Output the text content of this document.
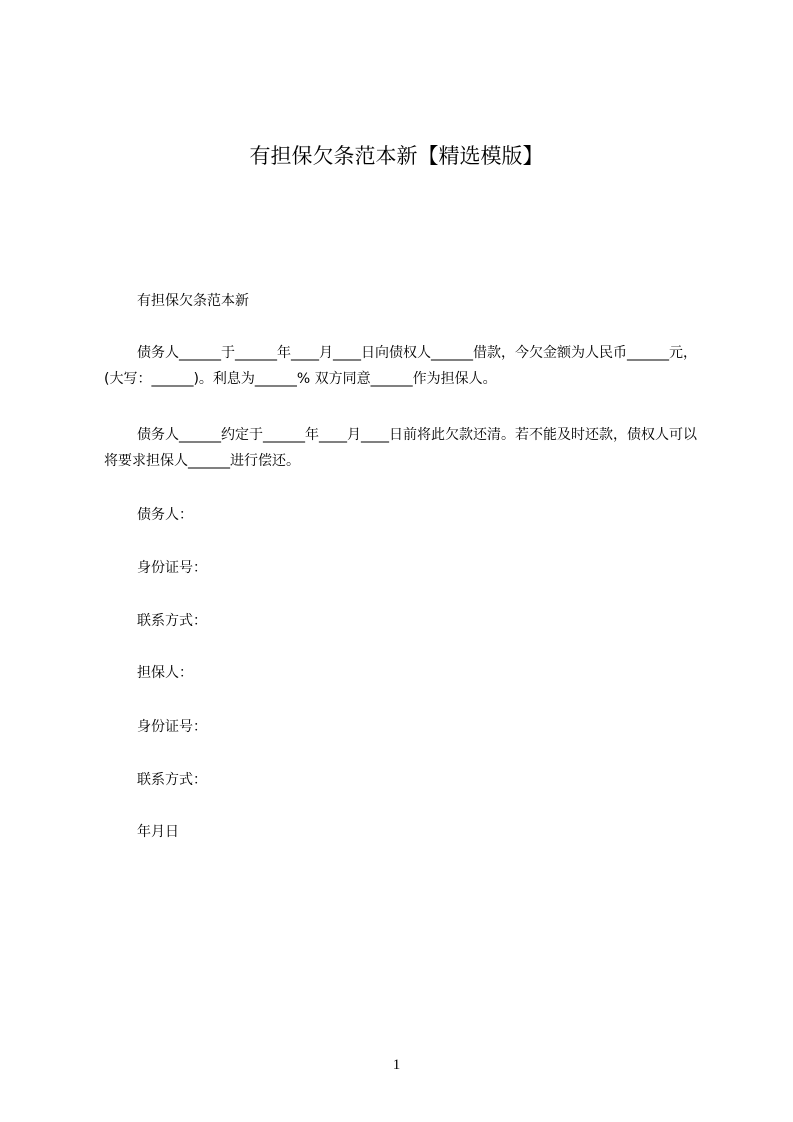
有担保欠条范本新【精选模版】

有担保欠条范本新

债务人______于______年____月____日向债权人______借款，今欠金额为人民币______元，(大写：______)。利息为______% 双方同意______作为担保人。

债务人______约定于______年____月____日前将此欠款还清。若不能及时还款，债权人可以将要求担保人______进行偿还。

债务人：

身份证号：

联系方式：

担保人：

身份证号：

联系方式：

年月日

1
